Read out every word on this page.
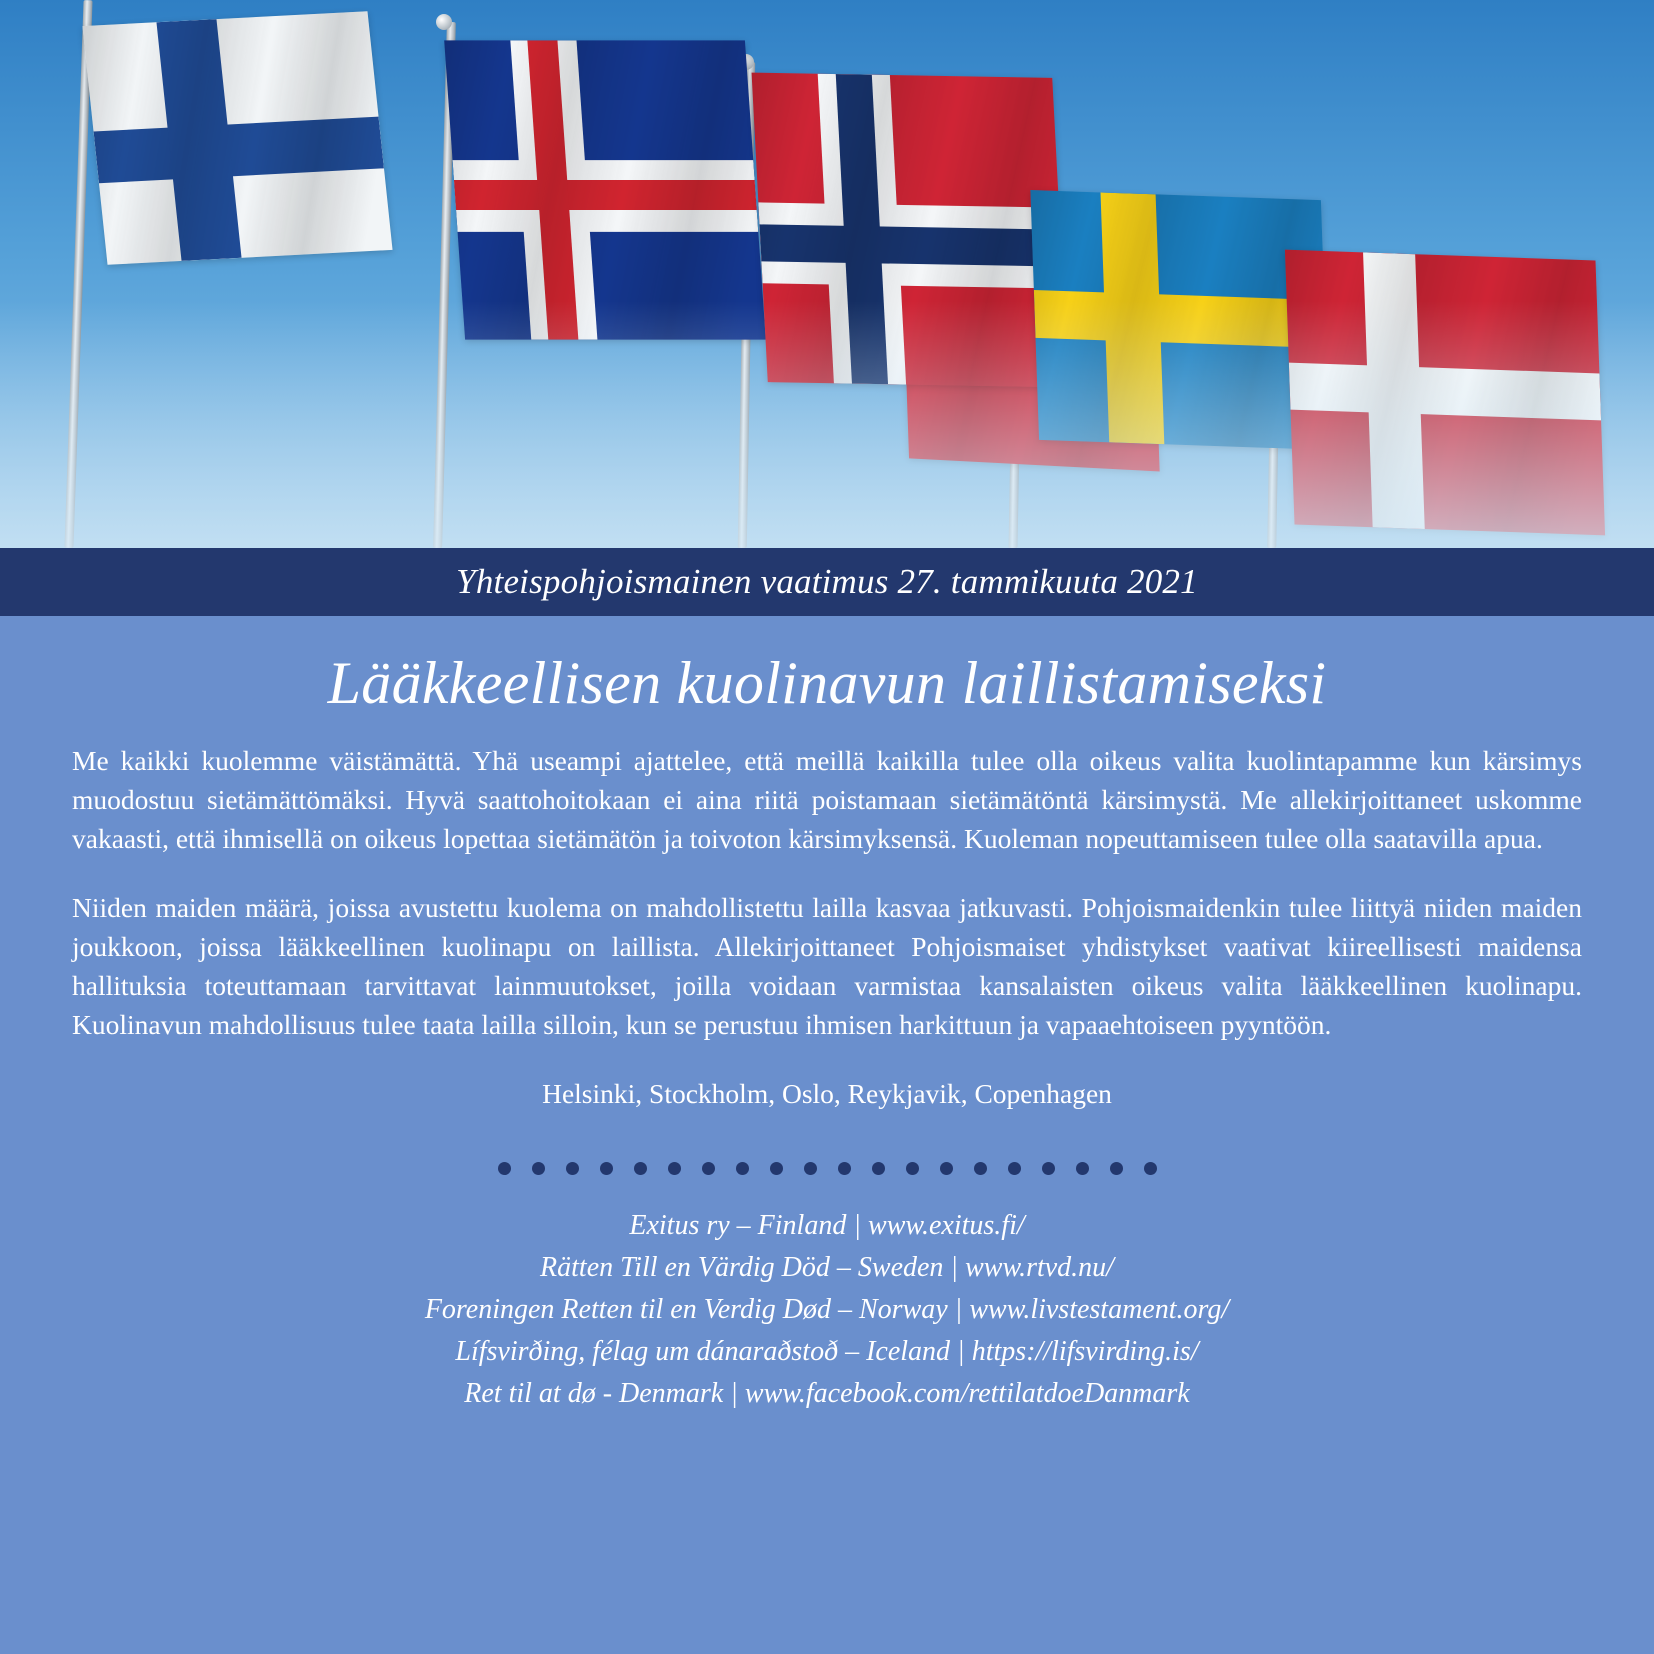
Yhteispohjoismainen vaatimus 27. tammikuuta 2021
Lääkkeellisen kuolinavun laillistamiseksi

Me kaikki kuolemme väistämättä. Yhä useampi ajattelee, että meillä kaikilla tulee olla oikeus valita kuolintapamme kun kärsimys muodostuu sietämättömäksi. Hyvä saattohoitokaan ei aina riitä poistamaan sietämätöntä kärsimystä. Me allekirjoittaneet uskomme vakaasti, että ihmisellä on oikeus lopettaa sietämätön ja toivoton kärsimyksensä. Kuoleman nopeuttamiseen tulee olla saatavilla apua.

Niiden maiden määrä, joissa avustettu kuolema on mahdollistettu lailla kasvaa jatkuvasti. Pohjoismaidenkin tulee liittyä niiden maiden joukkoon, joissa lääkkeellinen kuolinapu on laillista. Allekirjoittaneet Pohjoismaiset yhdistykset vaativat kiireellisesti maidensa hallituksia toteuttamaan tarvittavat lainmuutokset, joilla voidaan varmistaa kansalaisten oikeus valita lääkkeellinen kuolinapu. Kuolinavun mahdollisuus tulee taata lailla silloin, kun se perustuu ihmisen harkittuun ja vapaaehtoiseen pyyntöön.

Helsinki, Stockholm, Oslo, Reykjavik, Copenhagen
Exitus ry – Finland | www.exitus.fi/
Rätten Till en Värdig Död – Sweden | www.rtvd.nu/
Foreningen Retten til en Verdig Død – Norway | www.livstestament.org/
Lífsvirðing, félag um dánaraðstoð – Iceland | https://lifsvirding.is/
Ret til at dø - Denmark | www.facebook.com/rettilatdoeDanmark
